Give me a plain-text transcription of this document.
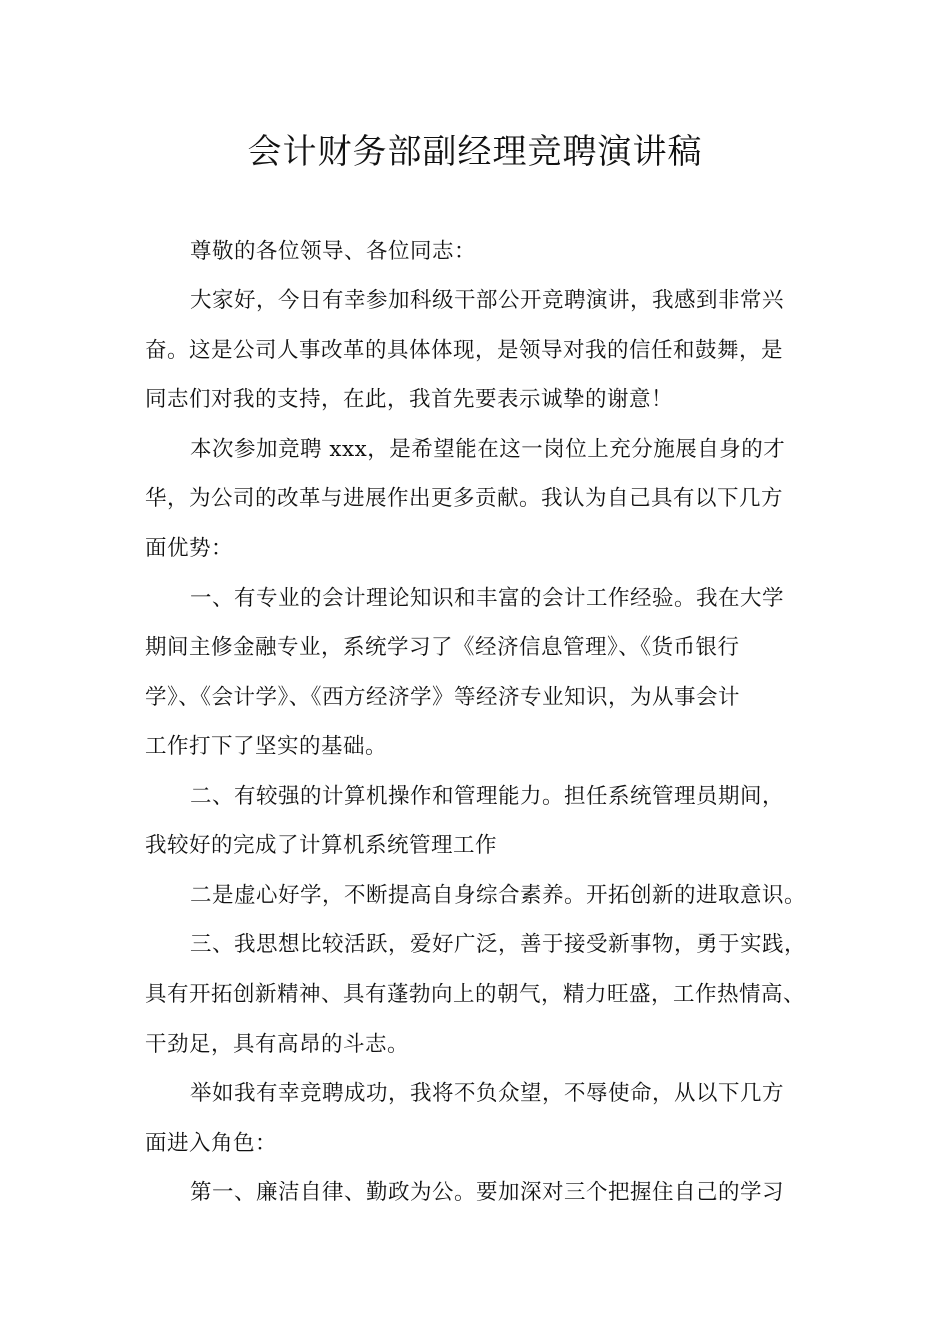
会计财务部副经理竞聘演讲稿
尊敬的各位领导、各位同志：
大家好，今日有幸参加科级干部公开竞聘演讲，我感到非常兴
奋。这是公司人事改革的具体体现，是领导对我的信任和鼓舞，是
同志们对我的支持，在此，我首先要表示诚挚的谢意！
本次参加竞聘 xxx，是希望能在这一岗位上充分施展自身的才
华，为公司的改革与进展作出更多贡献。我认为自己具有以下几方
面优势：
一、有专业的会计理论知识和丰富的会计工作经验。我在大学
期间主修金融专业，系统学习了《经济信息管理》、《货币银行
学》、《会计学》、《西方经济学》等经济专业知识，为从事会计
工作打下了坚实的基础。
二、有较强的计算机操作和管理能力。担任系统管理员期间，
我较好的完成了计算机系统管理工作
二是虚心好学，不断提高自身综合素养。开拓创新的进取意识。
三、我思想比较活跃，爱好广泛，善于接受新事物，勇于实践，
具有开拓创新精神、具有蓬勃向上的朝气，精力旺盛，工作热情高、
干劲足，具有高昂的斗志。
举如我有幸竞聘成功，我将不负众望，不辱使命，从以下几方
面进入角色：
第一、廉洁自律、勤政为公。要加深对三个把握住自己的学习
